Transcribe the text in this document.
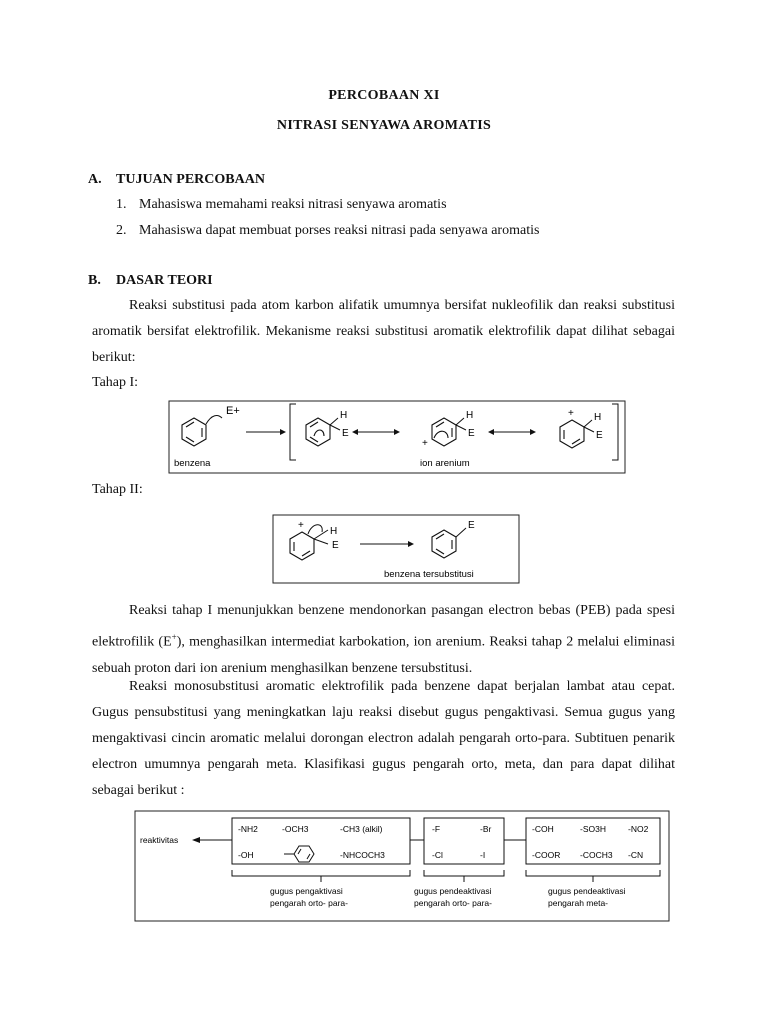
PERCOBAAN XI
NITRASI SENYAWA AROMATIS
A. TUJUAN PERCOBAAN
1. Mahasiswa memahami reaksi nitrasi senyawa aromatis
2. Mahasiswa dapat membuat porses reaksi nitrasi pada senyawa aromatis
B. DASAR TEORI
Reaksi substitusi pada atom karbon alifatik umumnya bersifat nukleofilik dan reaksi substitusi aromatik bersifat elektrofilik. Mekanisme reaksi substitusi aromatik elektrofilik dapat dilihat sebagai berikut:
Tahap I:
E+
benzena
H
E
+
H
E
ion arenium
+ H
E
Tahap II:
+
H
E
E
benzena tersubstitusi
Reaksi tahap I menunjukkan benzene mendonorkan pasangan electron bebas (PEB) pada spesi elektrofilik (E+), menghasilkan intermediat karbokation, ion arenium. Reaksi tahap 2 melalui eliminasi sebuah proton dari ion arenium menghasilkan benzene tersubstitusi.
Reaksi monosubstitusi aromatic elektrofilik pada benzene dapat berjalan lambat atau cepat. Gugus pensubstitusi yang meningkatkan laju reaksi disebut gugus pengaktivasi. Semua gugus yang mengaktivasi cincin aromatic melalui dorongan electron adalah pengarah orto-para. Subtituen penarik electron umumnya pengarah meta. Klasifikasi gugus pengarah orto, meta, dan para dapat dilihat sebagai berikut :
reaktivitas
-NH2	-OCH3	-CH3 (alkil)
-OH	-NHCOCH3
-F	-Br
-Cl	-I
-COH	-SO3H	-NO2
-COOR -COCH3 -CN
gugus pengaktivasi
pengarah orto- para-
gugus pendeaktivasi
pengarah orto- para-
gugus pendeaktivasi
pengarah meta-
